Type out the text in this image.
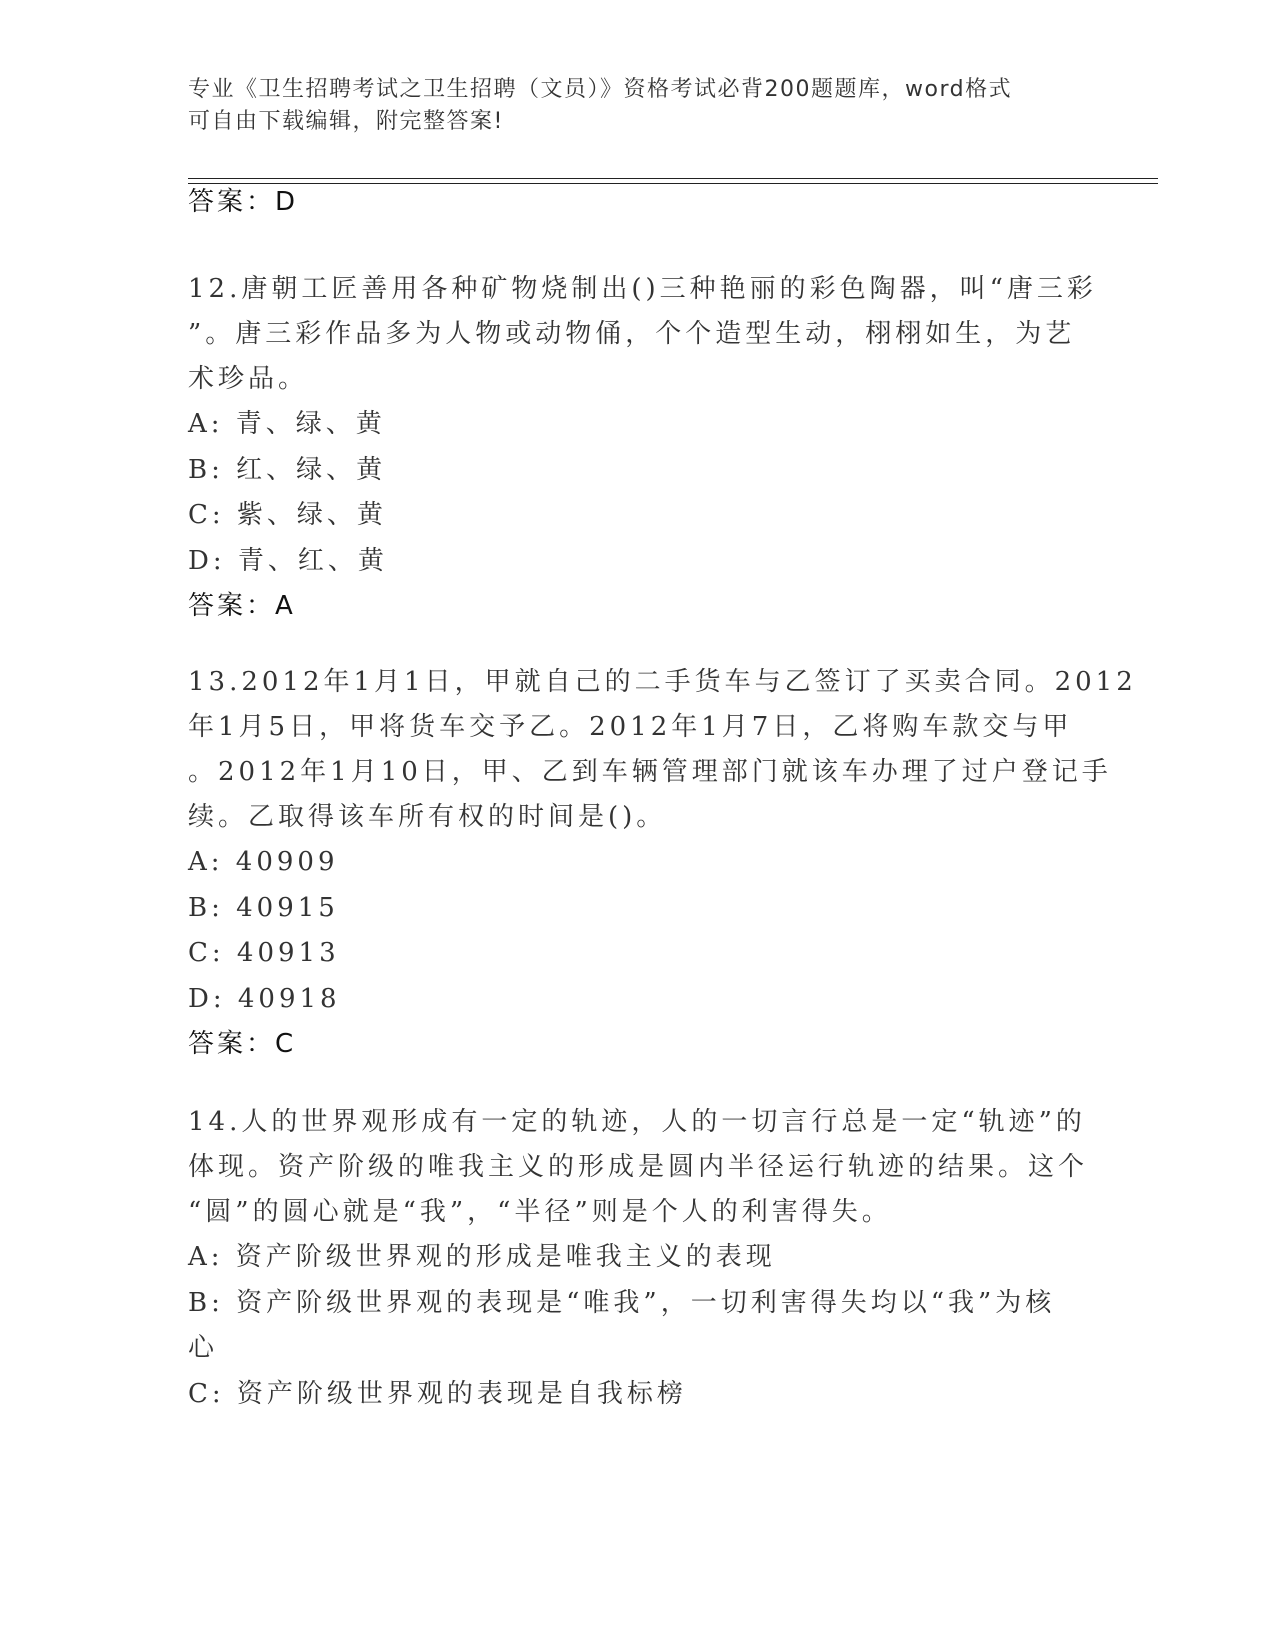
专业《卫生招聘考试之卫生招聘（文员）》资格考试必背200题题库，word格式
可自由下载编辑，附完整答案!
答案：D
12.唐朝工匠善用各种矿物烧制出()三种艳丽的彩色陶器，叫“唐三彩
”。唐三彩作品多为人物或动物俑，个个造型生动，栩栩如生，为艺
术珍品。
A: 青、绿、黄
B: 红、绿、黄
C: 紫、绿、黄
D: 青、红、黄
答案：A
13.2012年1月1日，甲就自己的二手货车与乙签订了买卖合同。2012
年1月5日，甲将货车交予乙。2012年1月7日，乙将购车款交与甲
。2012年1月10日，甲、乙到车辆管理部门就该车办理了过户登记手
续。乙取得该车所有权的时间是()。
A: 40909
B: 40915
C: 40913
D: 40918
答案：C
14.人的世界观形成有一定的轨迹，人的一切言行总是一定“轨迹”的
体现。资产阶级的唯我主义的形成是圆内半径运行轨迹的结果。这个
“圆”的圆心就是“我”，“半径”则是个人的利害得失。
A: 资产阶级世界观的形成是唯我主义的表现
B: 资产阶级世界观的表现是“唯我”，一切利害得失均以“我”为核
心
C: 资产阶级世界观的表现是自我标榜
